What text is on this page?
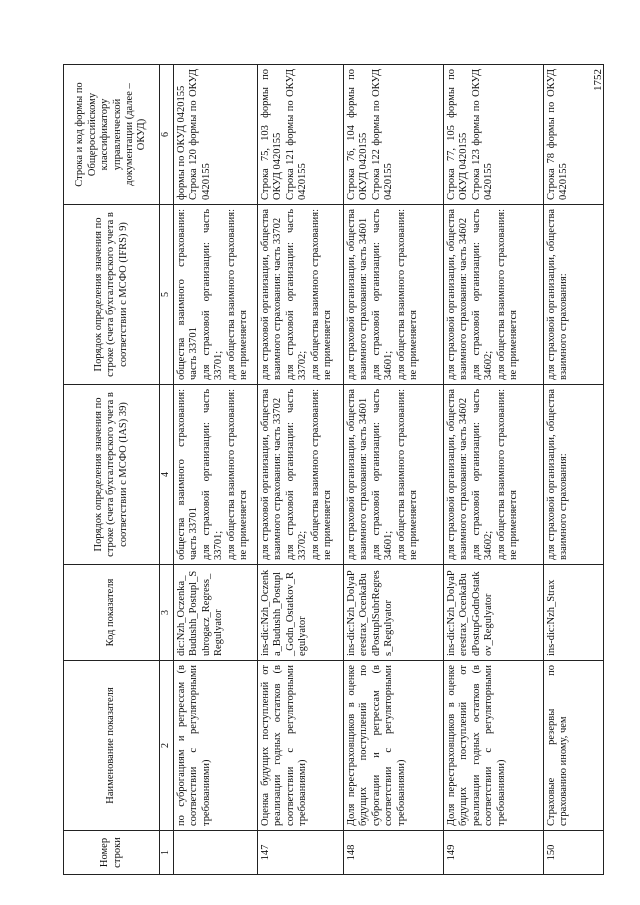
1752
Номер строки	Наименование показателя	Код показателя	Порядок определения значения по строке (счета бухгалтерского учета в соответствии с МСФО (IAS) 39)	Порядок определения значения по строке (счета бухгалтерского учета в соответствии с МСФО (IFRS) 9)	Строка и код формы по Общероссийскому классификатору управленческой документации (далее – ОКУД)
1	2	3	4	5	6
	по суброгациям и регрессам (в соответствии с регуляторными требованиями)	dic:Nzh_Oczenka_Budushh_Postupl_Subrogacz_Regress_Regulyator	общества взаимного страхования: часть 33701
для страховой организации: часть 33701;
для общества взаимного страхования: не применяется	общества взаимного страхования: часть 33701
для страховой организации: часть 33701;
для общества взаимного страхования: не применяется	формы по ОКУД 0420155
Строка 120 формы по ОКУД 0420155
147	Оценка будущих поступлений от реализации годных остатков (в соответствии с регуляторными требованиями)	ins-dic:Nzh_Oczenka_Budushh_Postupl_Godn_Ostatkov_Regulyator	для страховой организации, общества взаимного страхования: часть 33702
для страховой организации: часть 33702;
для общества взаимного страхования: не применяется	для страховой организации, общества взаимного страхования: часть 33702
для страховой организации: часть 33702;
для общества взаимного страхования: не применяется	Строка 75, 103 формы по ОКУД 0420155
Строка 121 формы по ОКУД 0420155
148	Доля перестраховщиков в оценке будущих поступлений по суброгации и регрессам (в соответствии с регуляторными требованиями)	ins-dic:Nzh_DolyaPerestrax_OcenkaBudPostuplSubrRegress_Regulyator	для страховой организации, общества взаимного страхования: часть 34601
для страховой организации: часть 34601;
для общества взаимного страхования: не применяется	для страховой организации, общества взаимного страхования: часть 34601
для страховой организации: часть 34601;
для общества взаимного страхования: не применяется	Строка 76, 104 формы по ОКУД 0420155
Строка 122 формы по ОКУД 0420155
149	Доля перестраховщиков в оценке будущих поступлений от реализации годных остатков (в соответствии с регуляторными требованиями)	ins-dic:Nzh_DolyaPerestrax_OcenkaBudPostupGodnOstatkov_Regulyator	для страховой организации, общества взаимного страхования: часть 34602
для страховой организации: часть 34602;
для общества взаимного страхования: не применяется	для страховой организации, общества взаимного страхования: часть 34602
для страховой организации: часть 34602;
для общества взаимного страхования: не применяется	Строка 77, 105 формы по ОКУД 0420155
Строка 123 формы по ОКУД 0420155
150	Страховые резервы по страхованию иному, чем	ins-dic:Nzh_Strax	для страховой организации, общества взаимного страхования:	для страховой организации, общества взаимного страхования:	Строка 78 формы по ОКУД 0420155
